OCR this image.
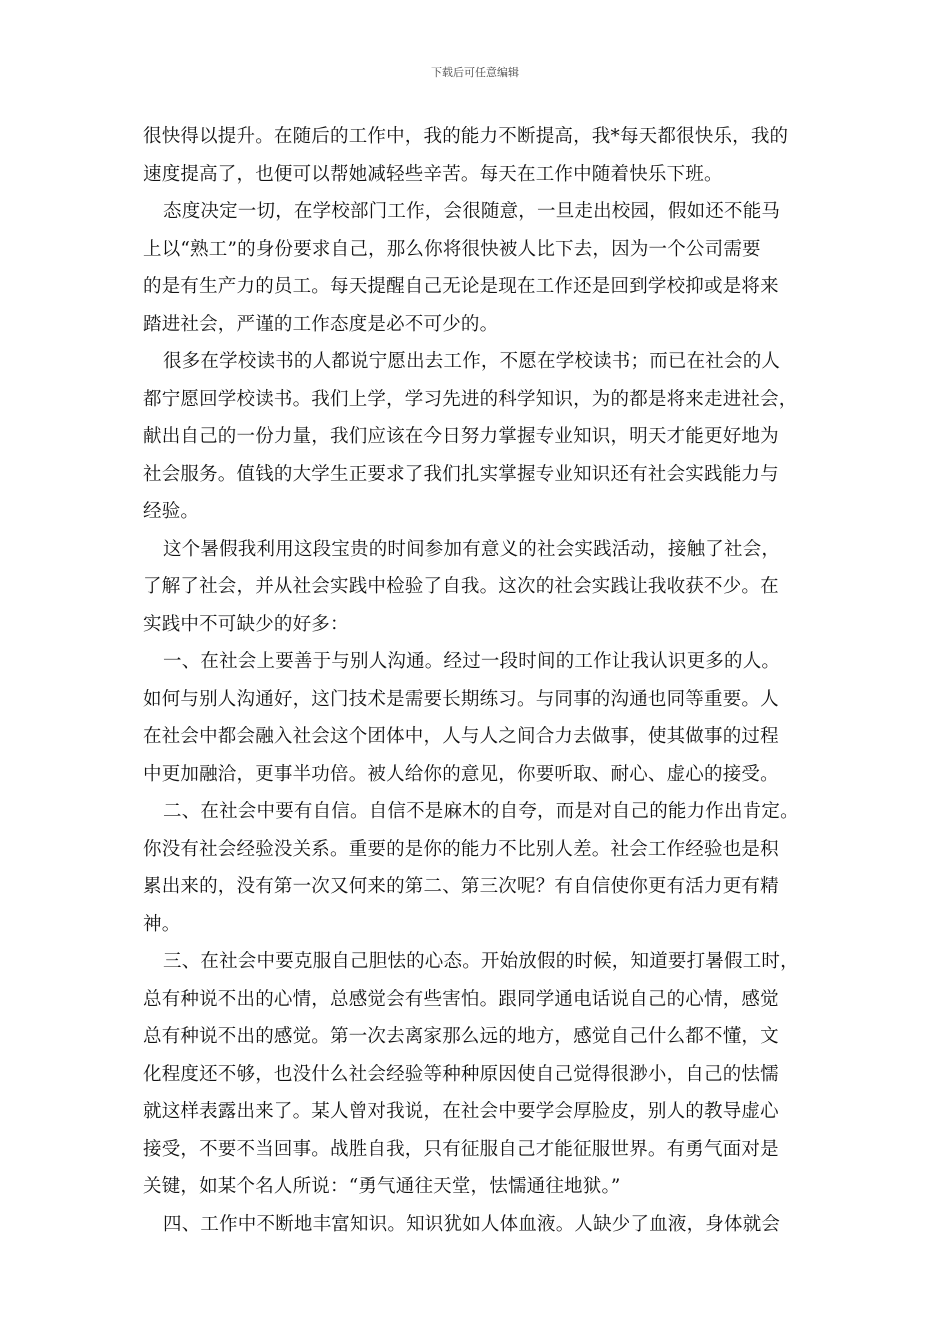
下载后可任意编辑
很快得以提升。在随后的工作中，我的能力不断提高，我*每天都很快乐，我的
速度提高了，也便可以帮她减轻些辛苦。每天在工作中随着快乐下班。
态度决定一切，在学校部门工作，会很随意，一旦走出校园，假如还不能马
上以“熟工”的身份要求自己，那么你将很快被人比下去，因为一个公司需要
的是有生产力的员工。每天提醒自己无论是现在工作还是回到学校抑或是将来
踏进社会，严谨的工作态度是必不可少的。
很多在学校读书的人都说宁愿出去工作，不愿在学校读书；而已在社会的人
都宁愿回学校读书。我们上学，学习先进的科学知识，为的都是将来走进社会，
献出自己的一份力量，我们应该在今日努力掌握专业知识，明天才能更好地为
社会服务。值钱的大学生正要求了我们扎实掌握专业知识还有社会实践能力与
经验。
这个暑假我利用这段宝贵的时间参加有意义的社会实践活动，接触了社会，
了解了社会，并从社会实践中检验了自我。这次的社会实践让我收获不少。在
实践中不可缺少的好多：
一、在社会上要善于与别人沟通。经过一段时间的工作让我认识更多的人。
如何与别人沟通好，这门技术是需要长期练习。与同事的沟通也同等重要。人
在社会中都会融入社会这个团体中，人与人之间合力去做事，使其做事的过程
中更加融洽，更事半功倍。被人给你的意见，你要听取、耐心、虚心的接受。
二、在社会中要有自信。自信不是麻木的自夸，而是对自己的能力作出肯定。
你没有社会经验没关系。重要的是你的能力不比别人差。社会工作经验也是积
累出来的，没有第一次又何来的第二、第三次呢？有自信使你更有活力更有精
神。
三、在社会中要克服自己胆怯的心态。开始放假的时候，知道要打暑假工时，
总有种说不出的心情，总感觉会有些害怕。跟同学通电话说自己的心情，感觉
总有种说不出的感觉。第一次去离家那么远的地方，感觉自己什么都不懂，文
化程度还不够，也没什么社会经验等种种原因使自己觉得很渺小，自己的怯懦
就这样表露出来了。某人曾对我说，在社会中要学会厚脸皮，别人的教导虚心
接受，不要不当回事。战胜自我，只有征服自己才能征服世界。有勇气面对是
关键，如某个名人所说：“勇气通往天堂，怯懦通往地狱。”
四、工作中不断地丰富知识。知识犹如人体血液。人缺少了血液，身体就会
